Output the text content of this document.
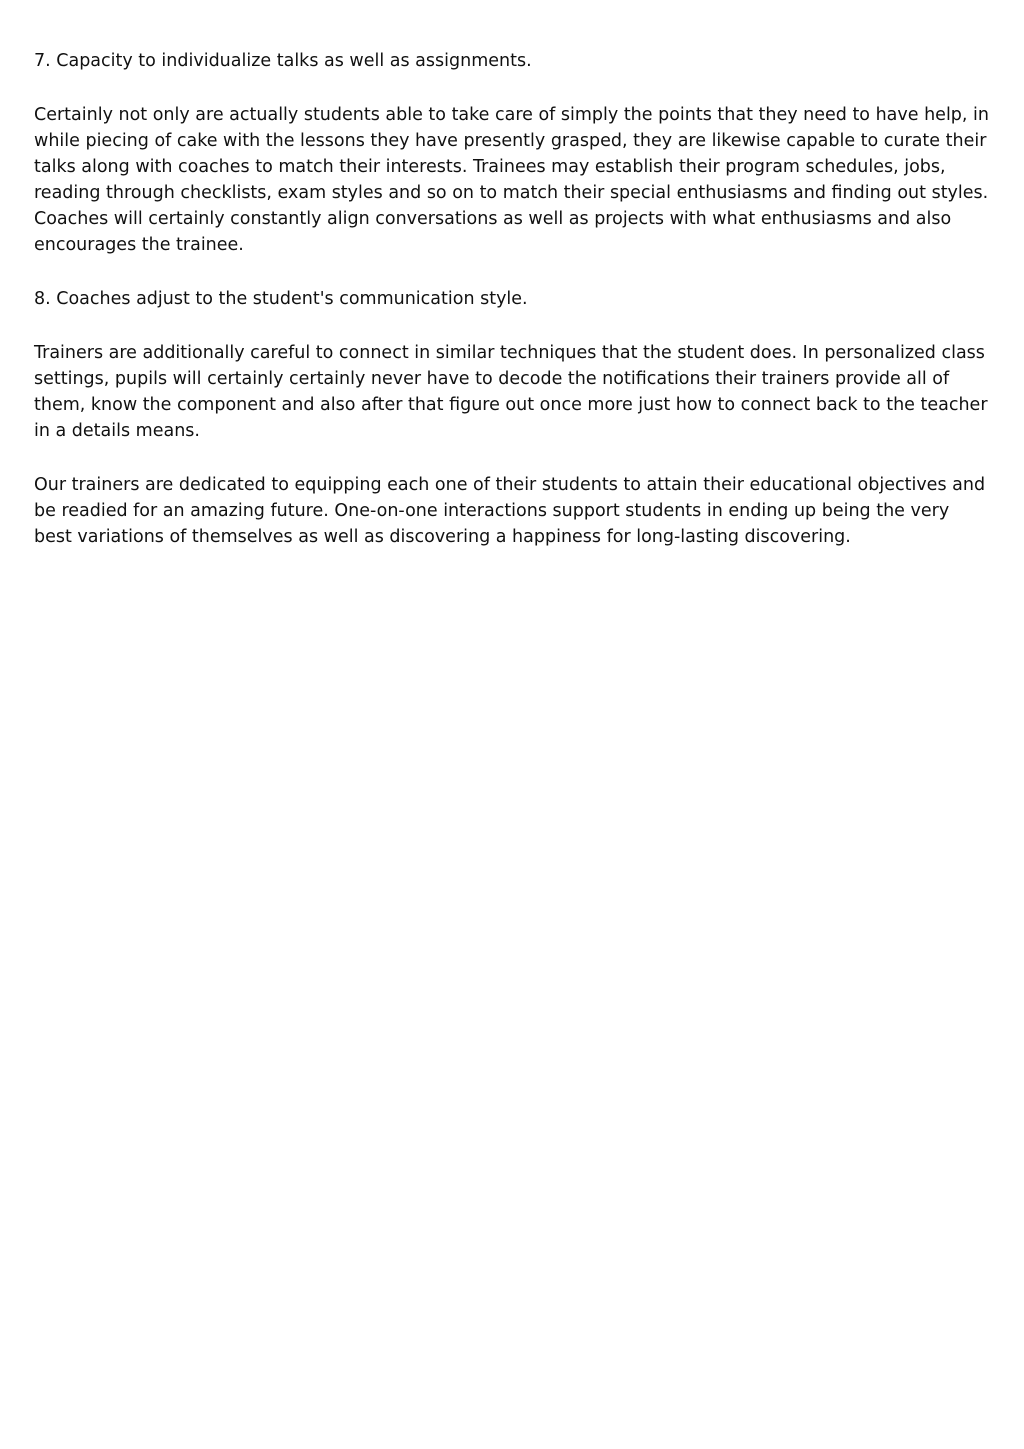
7. Capacity to individualize talks as well as assignments.

Certainly not only are actually students able to take care of simply the points that they need to have help, in while piecing of cake with the lessons they have presently grasped, they are likewise capable to curate their talks along with coaches to match their interests. Trainees may establish their program schedules, jobs, reading through checklists, exam styles and so on to match their special enthusiasms and finding out styles. Coaches will certainly constantly align conversations as well as projects with what enthusiasms and also encourages the trainee.

8. Coaches adjust to the student's communication style.

Trainers are additionally careful to connect in similar techniques that the student does. In personalized class settings, pupils will certainly certainly never have to decode the notifications their trainers provide all of them, know the component and also after that figure out once more just how to connect back to the teacher in a details means.

Our trainers are dedicated to equipping each one of their students to attain their educational objectives and be readied for an amazing future. One-on-one interactions support students in ending up being the very best variations of themselves as well as discovering a happiness for long-lasting discovering.
